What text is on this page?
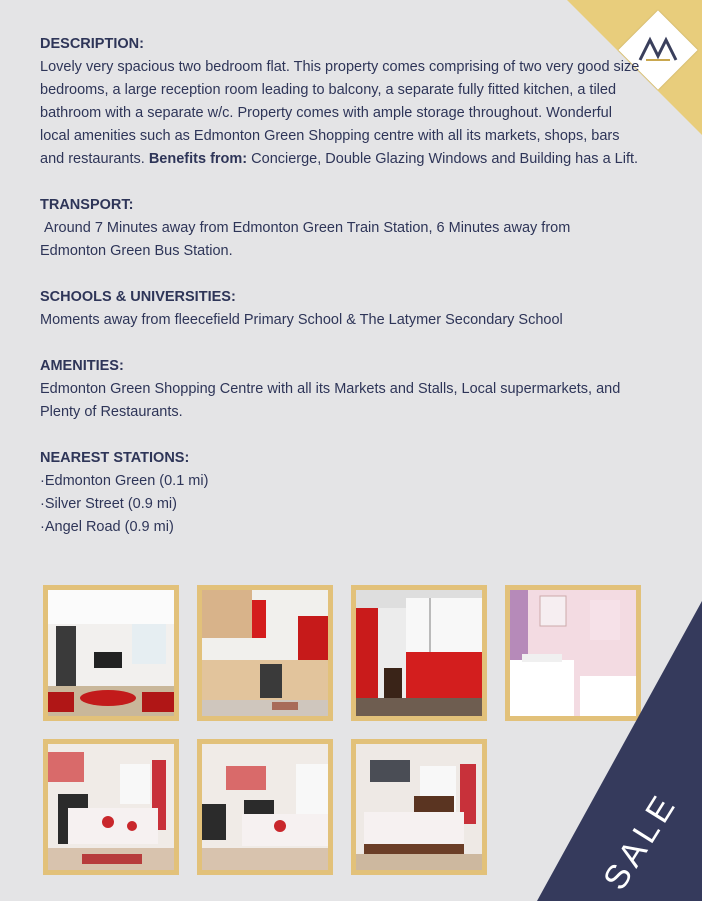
DESCRIPTION:
Lovely very spacious two bedroom flat. This property comes comprising of two very good size bedrooms, a large reception room leading to balcony, a separate fully fitted kitchen, a tiled bathroom with a separate w/c. Property comes with ample storage throughout. Wonderful local amenities such as Edmonton Green Shopping centre with all its markets, shops, bars and restaurants. Benefits from: Concierge, Double Glazing Windows and Building has a Lift.
TRANSPORT:
Around 7 Minutes away from Edmonton Green Train Station, 6 Minutes away from Edmonton Green Bus Station.
SCHOOLS & UNIVERSITIES:
Moments away from fleecefield Primary School & The Latymer Secondary School
AMENITIES:
Edmonton Green Shopping Centre with all its Markets and Stalls, Local supermarkets, and Plenty of Restaurants.
NEAREST STATIONS:
·Edmonton Green (0.1 mi)
·Silver Street (0.9 mi)
·Angel Road (0.9 mi)
SALE
